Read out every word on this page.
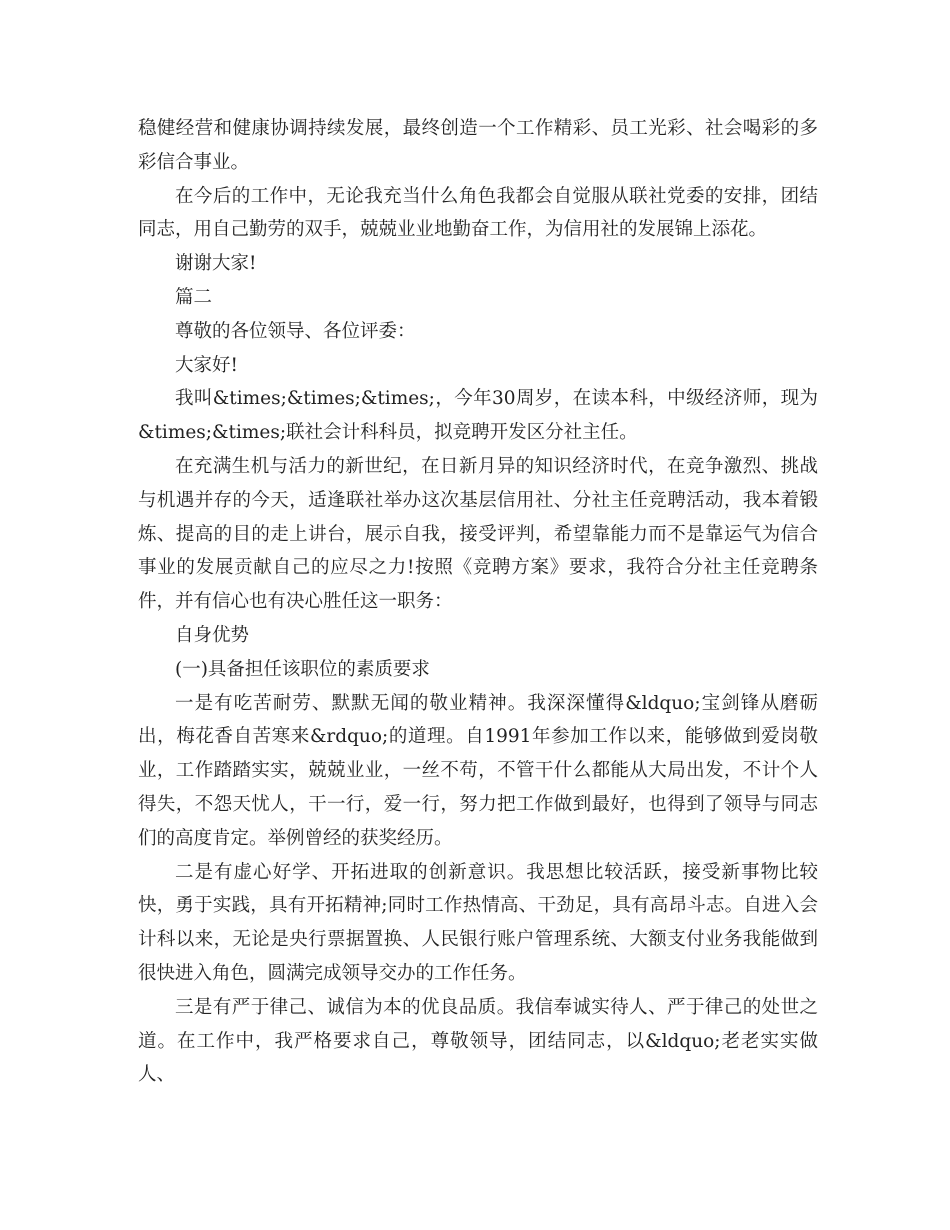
稳健经营和健康协调持续发展，最终创造一个工作精彩、员工光彩、社会喝彩的多彩信合事业。

在今后的工作中，无论我充当什么角色我都会自觉服从联社党委的安排，团结同志，用自己勤劳的双手，兢兢业业地勤奋工作，为信用社的发展锦上添花。

谢谢大家!

篇二

尊敬的各位领导、各位评委：

大家好!

我叫&times;&times;&times;，今年30周岁，在读本科，中级经济师，现为&times;&times;联社会计科科员，拟竞聘开发区分社主任。

在充满生机与活力的新世纪，在日新月异的知识经济时代，在竞争激烈、挑战与机遇并存的今天，适逢联社举办这次基层信用社、分社主任竞聘活动，我本着锻炼、提高的目的走上讲台，展示自我，接受评判，希望靠能力而不是靠运气为信合事业的发展贡献自己的应尽之力!按照《竞聘方案》要求，我符合分社主任竞聘条件，并有信心也有决心胜任这一职务：

自身优势

(一)具备担任该职位的素质要求

一是有吃苦耐劳、默默无闻的敬业精神。我深深懂得&ldquo;宝剑锋从磨砺出，梅花香自苦寒来&rdquo;的道理。自1991年参加工作以来，能够做到爱岗敬业，工作踏踏实实，兢兢业业，一丝不苟，不管干什么都能从大局出发，不计个人得失，不怨天忧人，干一行，爱一行，努力把工作做到最好，也得到了领导与同志们的高度肯定。举例曾经的获奖经历。

二是有虚心好学、开拓进取的创新意识。我思想比较活跃，接受新事物比较快，勇于实践，具有开拓精神;同时工作热情高、干劲足，具有高昂斗志。自进入会计科以来，无论是央行票据置换、人民银行账户管理系统、大额支付业务我能做到很快进入角色，圆满完成领导交办的工作任务。

三是有严于律己、诚信为本的优良品质。我信奉诚实待人、严于律己的处世之道。在工作中，我严格要求自己，尊敬领导，团结同志，以&ldquo;老老实实做人、
